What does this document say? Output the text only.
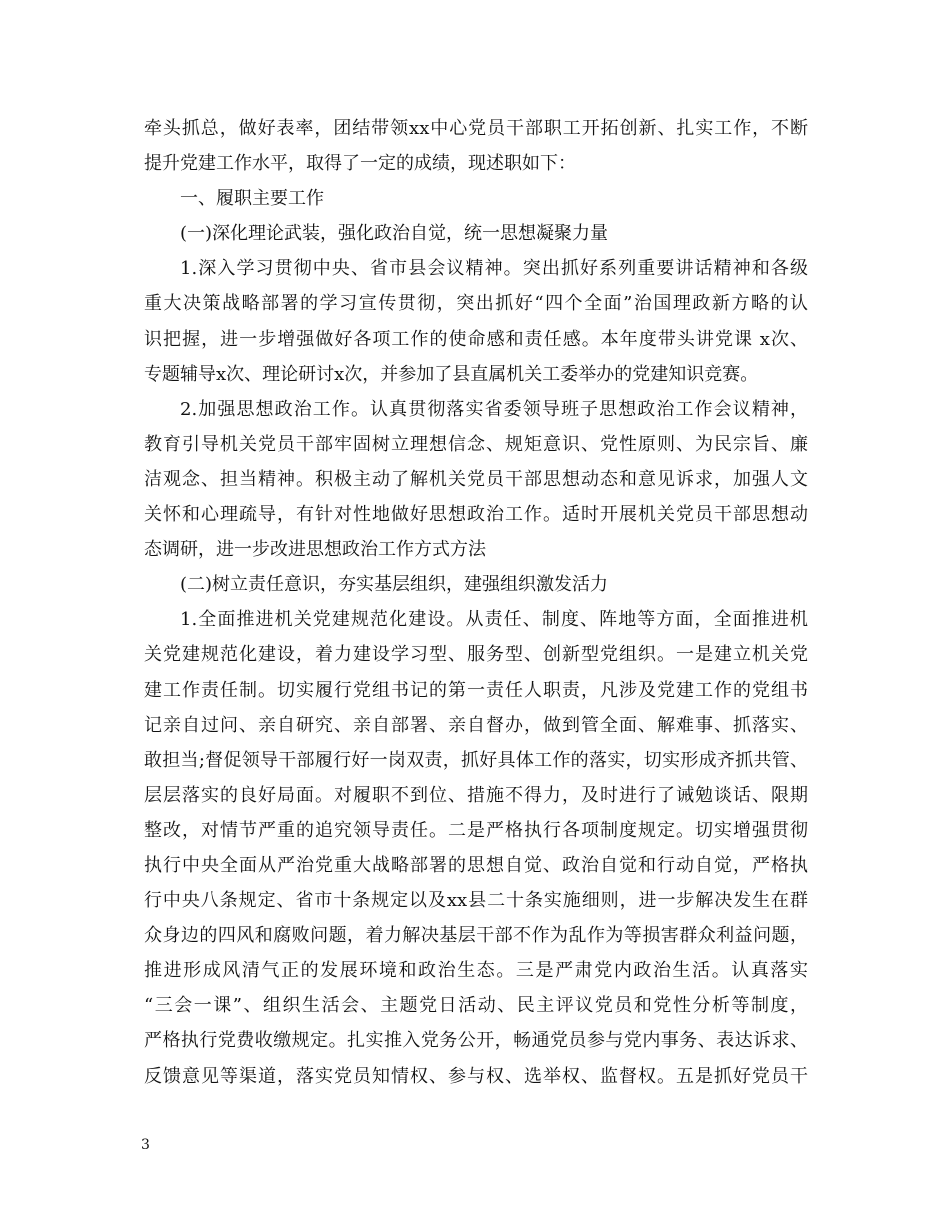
牵头抓总，做好表率，团结带领xx中心党员干部职工开拓创新、扎实工作，不断
提升党建工作水平，取得了一定的成绩，现述职如下：
一、履职主要工作
(一)深化理论武装，强化政治自觉，统一思想凝聚力量
1.深入学习贯彻中央、省市县会议精神。突出抓好系列重要讲话精神和各级
重大决策战略部署的学习宣传贯彻，突出抓好“四个全面”治国理政新方略的认
识把握，进一步增强做好各项工作的使命感和责任感。本年度带头讲党课 x次、
专题辅导x次、理论研讨x次，并参加了县直属机关工委举办的党建知识竞赛。
2.加强思想政治工作。认真贯彻落实省委领导班子思想政治工作会议精神，
教育引导机关党员干部牢固树立理想信念、规矩意识、党性原则、为民宗旨、廉
洁观念、担当精神。积极主动了解机关党员干部思想动态和意见诉求，加强人文
关怀和心理疏导，有针对性地做好思想政治工作。适时开展机关党员干部思想动
态调研，进一步改进思想政治工作方式方法
(二)树立责任意识，夯实基层组织，建强组织激发活力
1.全面推进机关党建规范化建设。从责任、制度、阵地等方面，全面推进机
关党建规范化建设，着力建设学习型、服务型、创新型党组织。一是建立机关党
建工作责任制。切实履行党组书记的第一责任人职责，凡涉及党建工作的党组书
记亲自过问、亲自研究、亲自部署、亲自督办，做到管全面、解难事、抓落实、
敢担当;督促领导干部履行好一岗双责，抓好具体工作的落实，切实形成齐抓共管、
层层落实的良好局面。对履职不到位、措施不得力，及时进行了诫勉谈话、限期
整改，对情节严重的追究领导责任。二是严格执行各项制度规定。切实增强贯彻
执行中央全面从严治党重大战略部署的思想自觉、政治自觉和行动自觉，严格执
行中央八条规定、省市十条规定以及xx县二十条实施细则，进一步解决发生在群
众身边的四风和腐败问题，着力解决基层干部不作为乱作为等损害群众利益问题，
推进形成风清气正的发展环境和政治生态。三是严肃党内政治生活。认真落实
“三会一课”、组织生活会、主题党日活动、民主评议党员和党性分析等制度，
严格执行党费收缴规定。扎实推入党务公开，畅通党员参与党内事务、表达诉求、
反馈意见等渠道，落实党员知情权、参与权、选举权、监督权。五是抓好党员干
3
